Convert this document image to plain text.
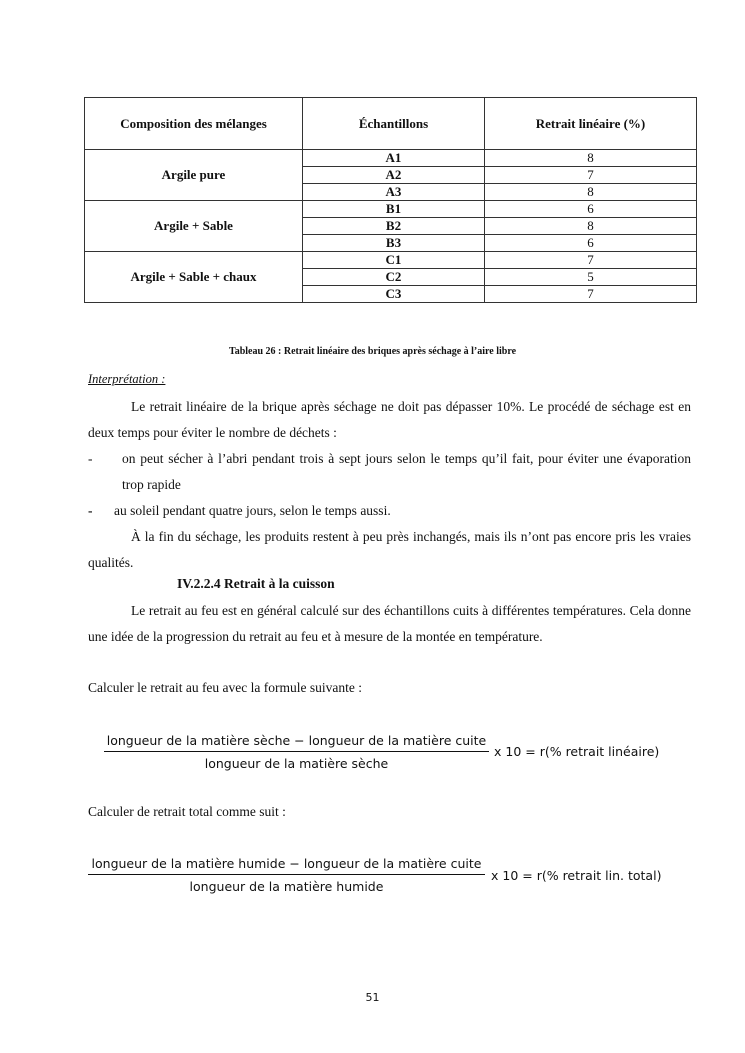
Composition des mélanges	Échantillons	Retrait linéaire (%)
Argile pure	A1	8
	A2	7
	A3	8
Argile + Sable	B1	6
	B2	8
	B3	6
Argile + Sable + chaux	C1	7
	C2	5
	C3	7
Tableau 26 : Retrait linéaire des briques après séchage à l’aire libre
Interprétation :

Le retrait linéaire de la brique après séchage ne doit pas dépasser 10%. Le procédé de séchage est en deux temps pour éviter le nombre de déchets :

-	on peut sécher à l’abri pendant trois à sept jours selon le temps qu’il fait, pour éviter une évaporation trop rapide
-	au soleil pendant quatre jours, selon le temps aussi.

À la fin du séchage, les produits restent à peu près inchangés, mais ils n’ont pas encore pris les vraies qualités.

IV.2.2.4 Retrait à la cuisson

Le retrait au feu est en général calculé sur des échantillons cuits à différentes températures. Cela donne une idée de la progression du retrait au feu et à mesure de la montée en température.

Calculer le retrait au feu avec la formule suivante :
longueur de la matière sèche − longueur de la matière cuite
longueur de la matière sèche
x 10 = r(% retrait linéaire)
Calculer de retrait total comme suit :
longueur de la matière humide − longueur de la matière cuite
longueur de la matière humide
x 10 = r(% retrait lin. total)
51
